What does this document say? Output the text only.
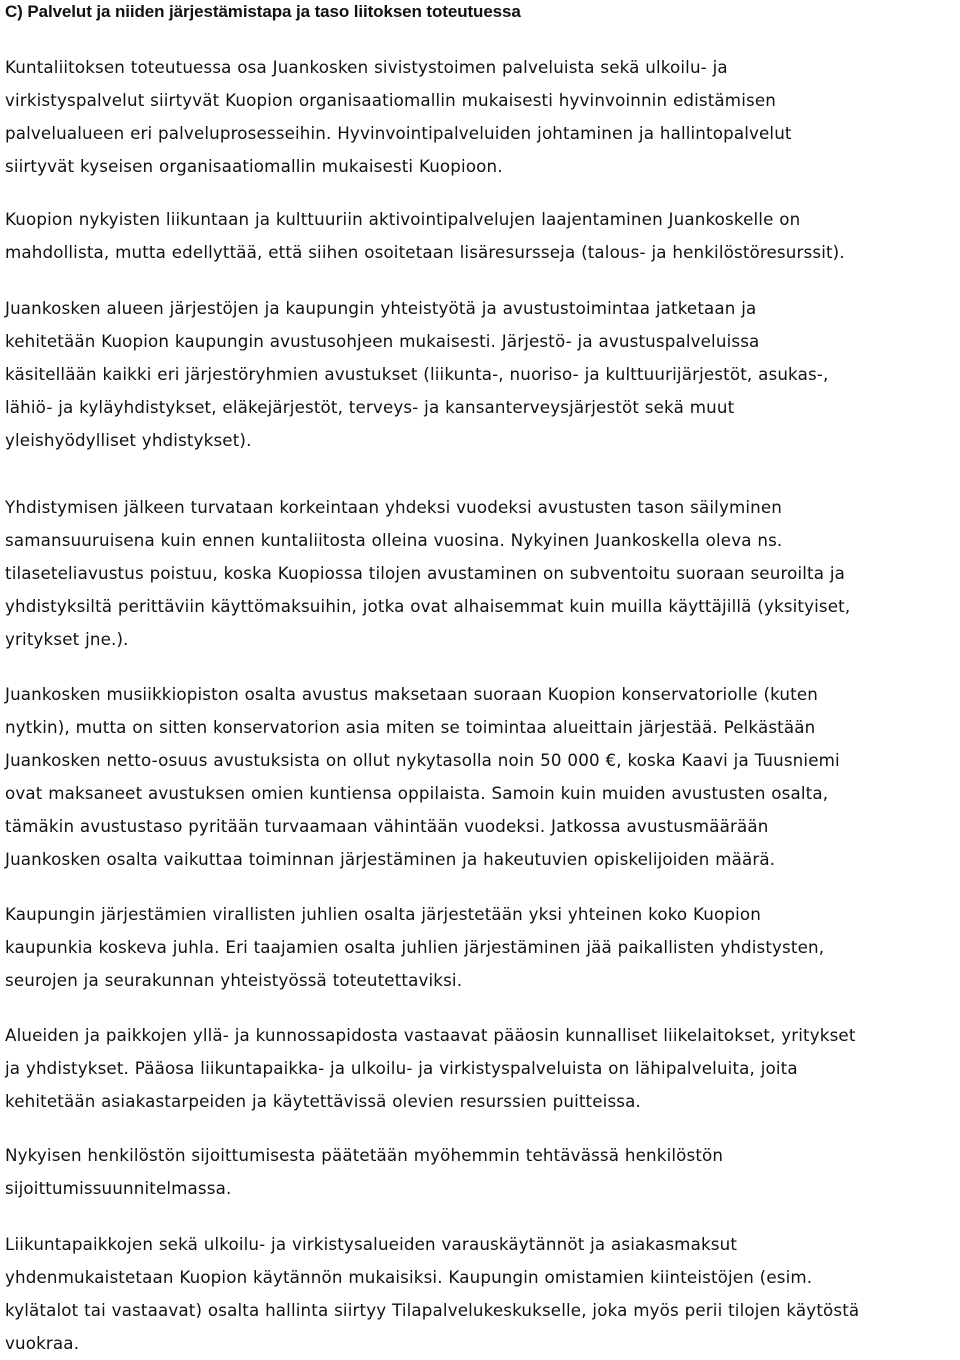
C) Palvelut ja niiden järjestämistapa ja taso liitoksen toteutuessa

Kuntaliitoksen toteutuessa osa Juankosken sivistystoimen palveluista sekä ulkoilu- ja
virkistyspalvelut siirtyvät Kuopion organisaatiomallin mukaisesti hyvinvoinnin edistämisen
palvelualueen eri palveluprosesseihin. Hyvinvointipalveluiden johtaminen ja hallintopalvelut
siirtyvät kyseisen organisaatiomallin mukaisesti Kuopioon.

Kuopion nykyisten liikuntaan ja kulttuuriin aktivointipalvelujen laajentaminen Juankoskelle on
mahdollista, mutta edellyttää, että siihen osoitetaan lisäresursseja (talous- ja henkilöstöresurssit).

Juankosken alueen järjestöjen ja kaupungin yhteistyötä ja avustustoimintaa jatketaan ja
kehitetään Kuopion kaupungin avustusohjeen mukaisesti. Järjestö- ja avustuspalveluissa
käsitellään kaikki eri järjestöryhmien avustukset (liikunta-, nuoriso- ja kulttuurijärjestöt, asukas-,
lähiö- ja kyläyhdistykset, eläkejärjestöt, terveys- ja kansanterveysjärjestöt sekä muut
yleishyödylliset yhdistykset).

Yhdistymisen jälkeen turvataan korkeintaan yhdeksi vuodeksi avustusten tason säilyminen
samansuuruisena kuin ennen kuntaliitosta olleina vuosina. Nykyinen Juankoskella oleva ns.
tilaseteliavustus poistuu, koska Kuopiossa tilojen avustaminen on subventoitu suoraan seuroilta ja
yhdistyksiltä perittäviin käyttömaksuihin, jotka ovat alhaisemmat kuin muilla käyttäjillä (yksityiset,
yritykset jne.).

Juankosken musiikkiopiston osalta avustus maksetaan suoraan Kuopion konservatoriolle (kuten
nytkin), mutta on sitten konservatorion asia miten se toimintaa alueittain järjestää. Pelkästään
Juankosken netto-osuus avustuksista on ollut nykytasolla noin 50 000 €, koska Kaavi ja Tuusniemi
ovat maksaneet avustuksen omien kuntiensa oppilaista. Samoin kuin muiden avustusten osalta,
tämäkin avustustaso pyritään turvaamaan vähintään vuodeksi. Jatkossa avustusmäärään
Juankosken osalta vaikuttaa toiminnan järjestäminen ja hakeutuvien opiskelijoiden määrä.

Kaupungin järjestämien virallisten juhlien osalta järjestetään yksi yhteinen koko Kuopion
kaupunkia koskeva juhla. Eri taajamien osalta juhlien järjestäminen jää paikallisten yhdistysten,
seurojen ja seurakunnan yhteistyössä toteutettaviksi.

Alueiden ja paikkojen yllä- ja kunnossapidosta vastaavat pääosin kunnalliset liikelaitokset, yritykset
ja yhdistykset. Pääosa liikuntapaikka- ja ulkoilu- ja virkistyspalveluista on lähipalveluita, joita
kehitetään asiakastarpeiden ja käytettävissä olevien resurssien puitteissa.

Nykyisen henkilöstön sijoittumisesta päätetään myöhemmin tehtävässä henkilöstön
sijoittumissuunnitelmassa.

Liikuntapaikkojen sekä ulkoilu- ja virkistysalueiden varauskäytännöt ja asiakasmaksut
yhdenmukaistetaan Kuopion käytännön mukaisiksi. Kaupungin omistamien kiinteistöjen (esim.
kylätalot tai vastaavat) osalta hallinta siirtyy Tilapalvelukeskukselle, joka myös perii tilojen käytöstä
vuokraa.
